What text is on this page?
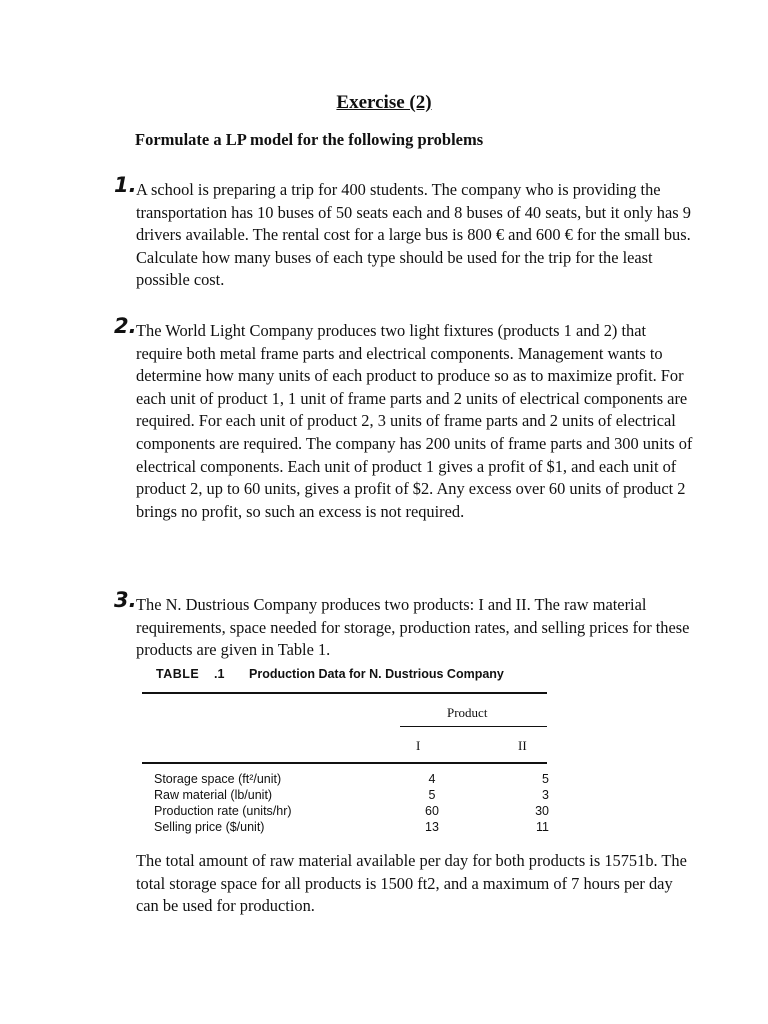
Exercise (2)
Formulate a LP model for the following problems
1. A school is preparing a trip for 400 students. The company who is providing the transportation has 10 buses of 50 seats each and 8 buses of 40 seats, but it only has 9 drivers available. The rental cost for a large bus is 800 € and 600 € for the small bus. Calculate how many buses of each type should be used for the trip for the least possible cost.
2. The World Light Company produces two light fixtures (products 1 and 2) that require both metal frame parts and electrical components. Management wants to determine how many units of each product to produce so as to maximize profit. For each unit of product 1, 1 unit of frame parts and 2 units of electrical components are required. For each unit of product 2, 3 units of frame parts and 2 units of electrical components are required. The company has 200 units of frame parts and 300 units of electrical components. Each unit of product 1 gives a profit of $1, and each unit of product 2, up to 60 units, gives a profit of $2. Any excess over 60 units of product 2 brings no profit, so such an excess is not required.
3. The N. Dustrious Company produces two products: I and II. The raw material requirements, space needed for storage, production rates, and selling prices for these products are given in Table 1.
TABLE .1 Production Data for N. Dustrious Company
Product
I	II
Storage space (ft²/unit)	4	5
Raw material (lb/unit)	5	3
Production rate (units/hr)	60	30
Selling price ($/unit)	13	11
The total amount of raw material available per day for both products is 15751b. The total storage space for all products is 1500 ft2, and a maximum of 7 hours per day can be used for production.
